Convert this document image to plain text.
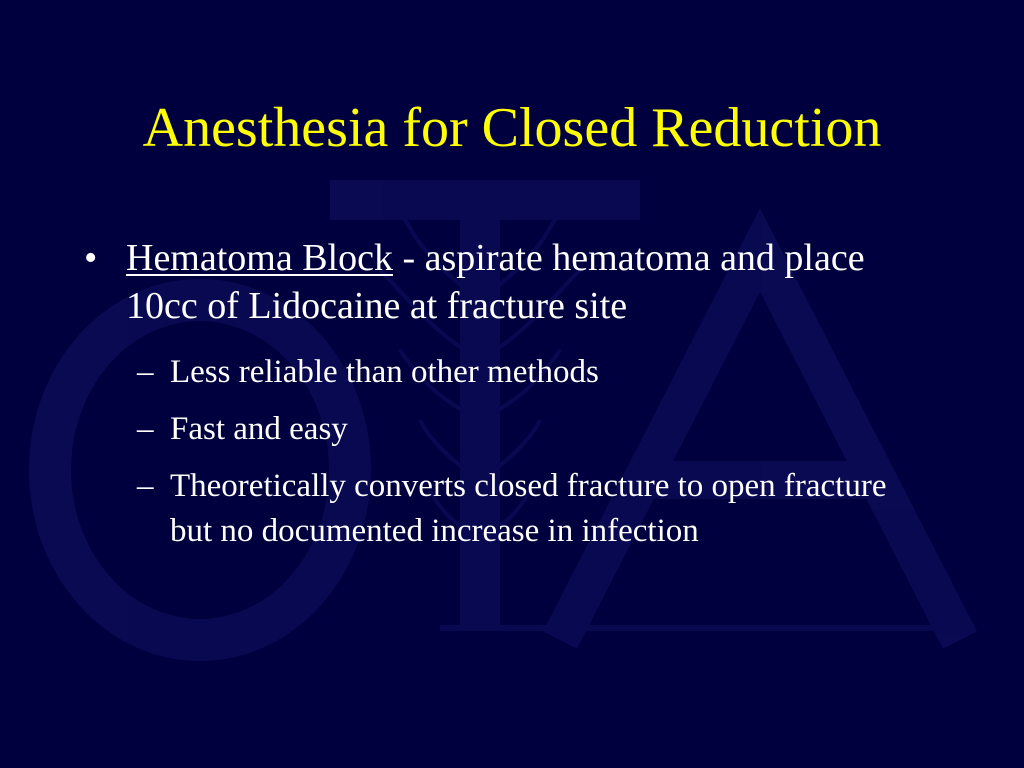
Anesthesia for Closed Reduction
• Hematoma Block - aspirate hematoma and place 10cc of Lidocaine at fracture site
– Less reliable than other methods
– Fast and easy
– Theoretically converts closed fracture to open fracture but no documented increase in infection
